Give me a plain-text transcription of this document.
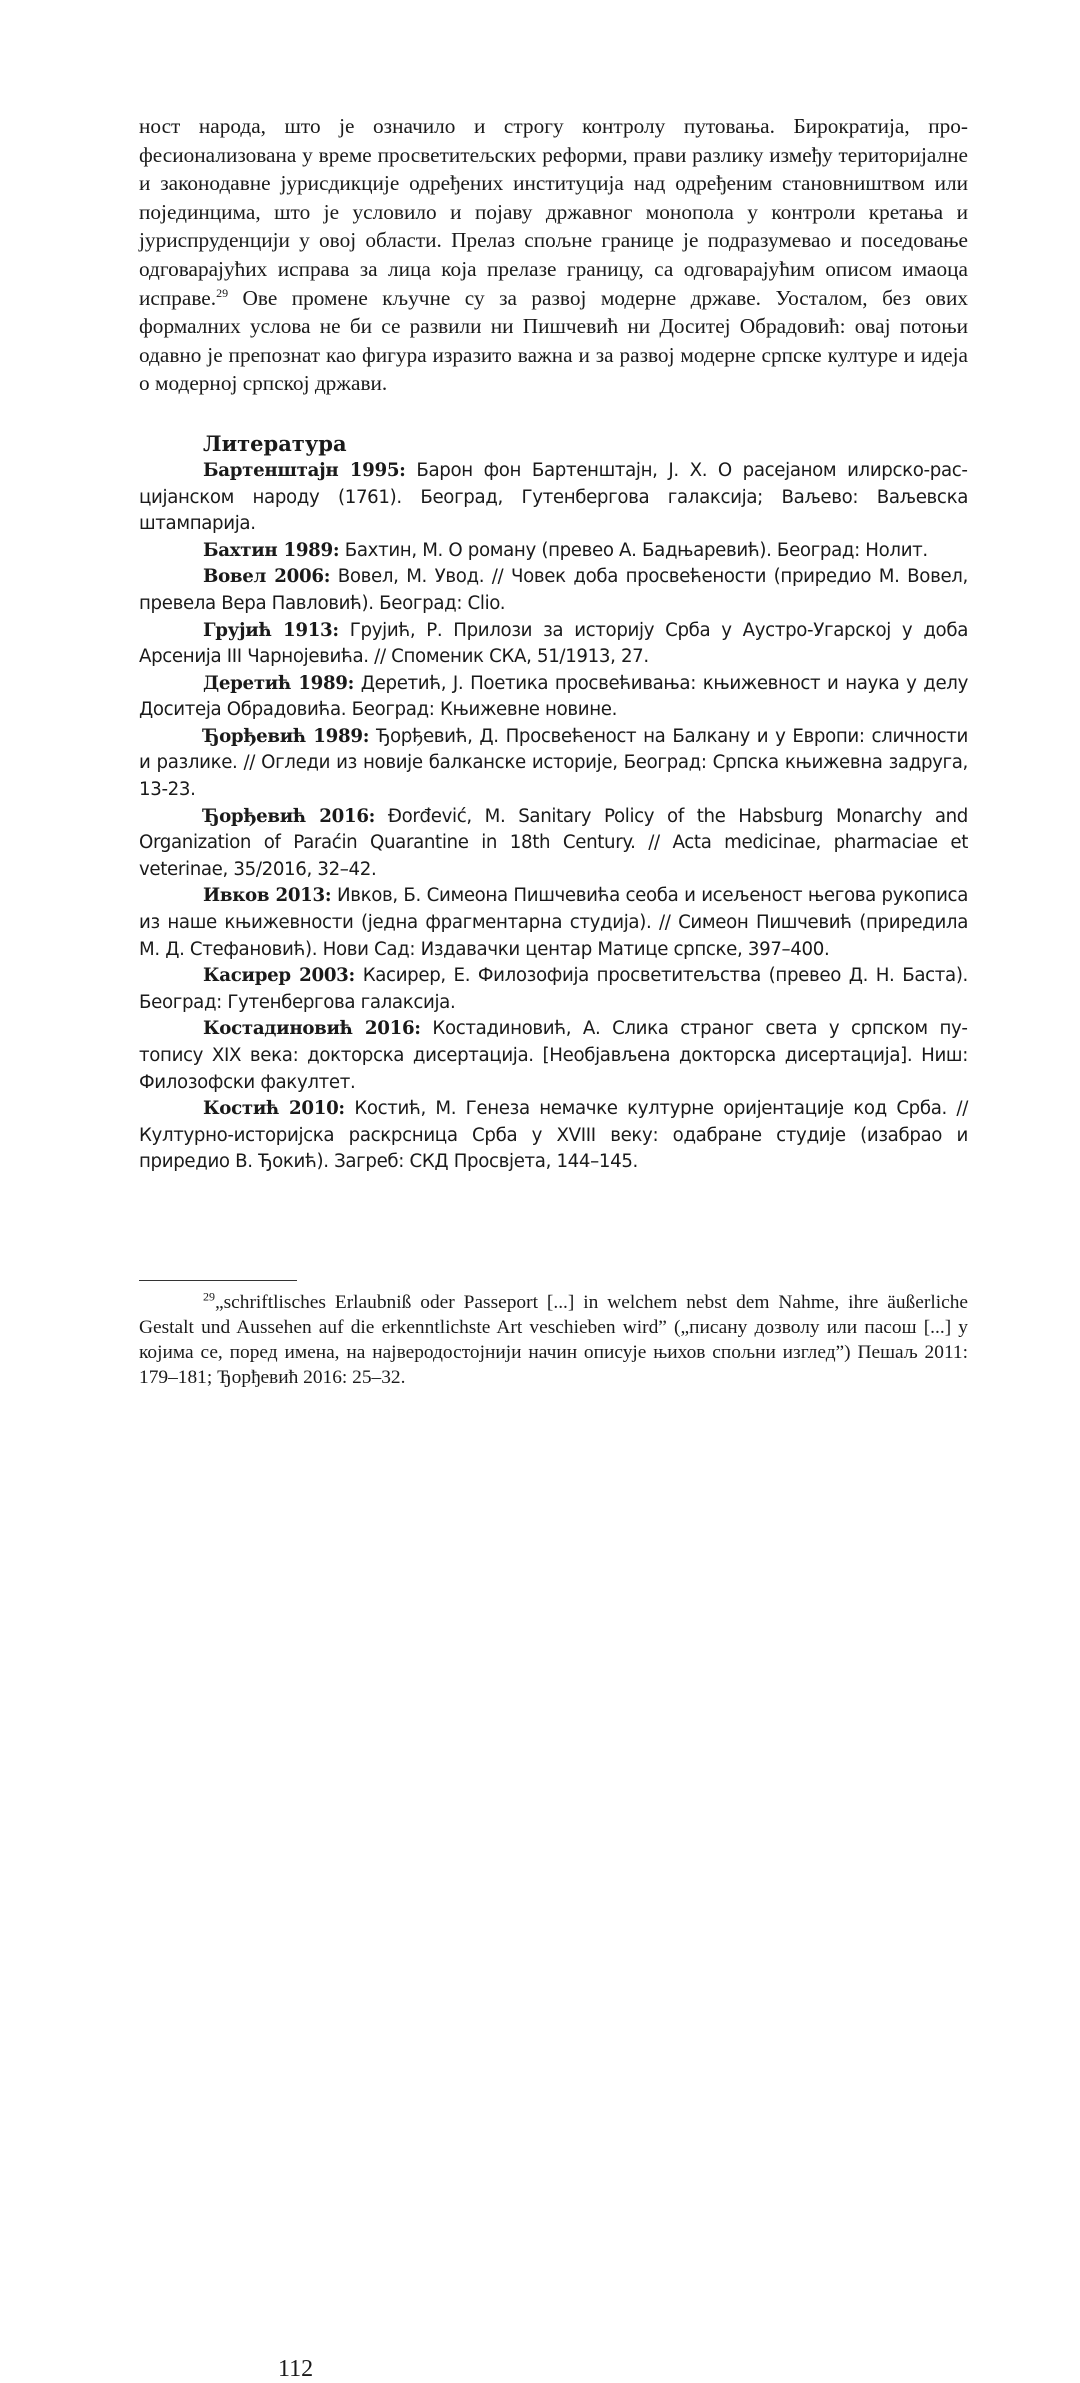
ност народа, што је означило и строгу контролу путовања. Бирократија, професионализована у време просветитељских реформи, прави разлику између територијалне и законодавне јурисдикције одређених институција над одређеним становништвом или појединцима, што је условило и појаву државног монопола у контроли кретања и јуриспруденцији у овој области. Прелаз спољне границе је подразумевао и поседовање одговарајућих исправа за лица која прелазе границу, са одговарајућим описом имаоца исправе.$^{29}$ Ове промене кључне су за развој модерне државе. Уосталом, без ових формалних услова не би се развили ни Пишчевић ни Доситеј Обрадовић: овај потоњи одавно је препознат као фигура изразито важна и за развој модерне српске културе и идеја о модерној српској држави.

Литература

Бартенштајн 1995: Барон фон Бартенштајн, Ј. Х. О расејаном илирско-расцијанском народу (1761). Београд, Гутенбергова галаксија; Ваљево: Ваљевска штампарија.

Бахтин 1989: Бахтин, М. О роману (превео А. Бадњаревић). Београд: Нолит.

Вовел 2006: Вовел, М. Увод. // Човек доба просвећености (приредио М. Вовел, превела Вера Павловић). Београд: Clio.

Грујић 1913: Грујић, Р. Прилози за историју Срба у Аустро-Угарској у доба Арсенија III Чарнојевића. // Споменик СКА, 51/1913, 27.

Деретић 1989: Деретић, Ј. Поетика просвећивања: књижевност и наука у делу Доситеја Обрадовића. Београд: Књижевне новине.

Ђорђевић 1989: Ђорђевић, Д. Просвећеност на Балкану и у Европи: сличности и разлике. // Огледи из новије балканске историје, Београд: Српска књижевна задруга, 13-23.

Ђорђевић 2016: Đorđević, M. Sanitary Policy of the Habsburg Monarchy and Organization of Paraćin Quarantine in 18th Century. // Acta medicinae, pharmaciae et veterinae, 35/2016, 32–42.

Ивков 2013: Ивков, Б. Симеона Пишчевића сеоба и исељеност његова рукописа из наше књижевности (једна фрагментарна студија). // Симеон Пишчевић (приредила М. Д. Стефановић). Нови Сад: Издавачки центар Матице српске, 397–400.

Касирер 2003: Касирер, Е. Филозофија просветитељства (превео Д. Н. Баста). Београд: Гутенбергова галаксија.

Костадиновић 2016: Костадиновић, А. Слика страног света у српском путопису XIX века: докторска дисертација. [Необјављена докторска дисертација]. Ниш: Филозофски факултет.

Костић 2010: Костић, М. Генеза немачке културне оријентације код Срба. // Културно-историјска раскрсница Срба у XVIII веку: одабране студије (изабрао и приредио В. Ђокић). Загреб: СКД Просвјета, 144–145.

$^{29}$„schriftlisches Erlaubniß oder Passeport [...] in welchem nebst dem Nahme, ihre äußerliche Gestalt und Aussehen auf die erkenntlichste Art veschieben wird” („писану дозволу или пасош [...] у којима се, поред имена, на најверодостојнији начин описује њихов спољни изглед”) Пешаљ 2011: 179–181; Ђорђевић 2016: 25–32.

112
